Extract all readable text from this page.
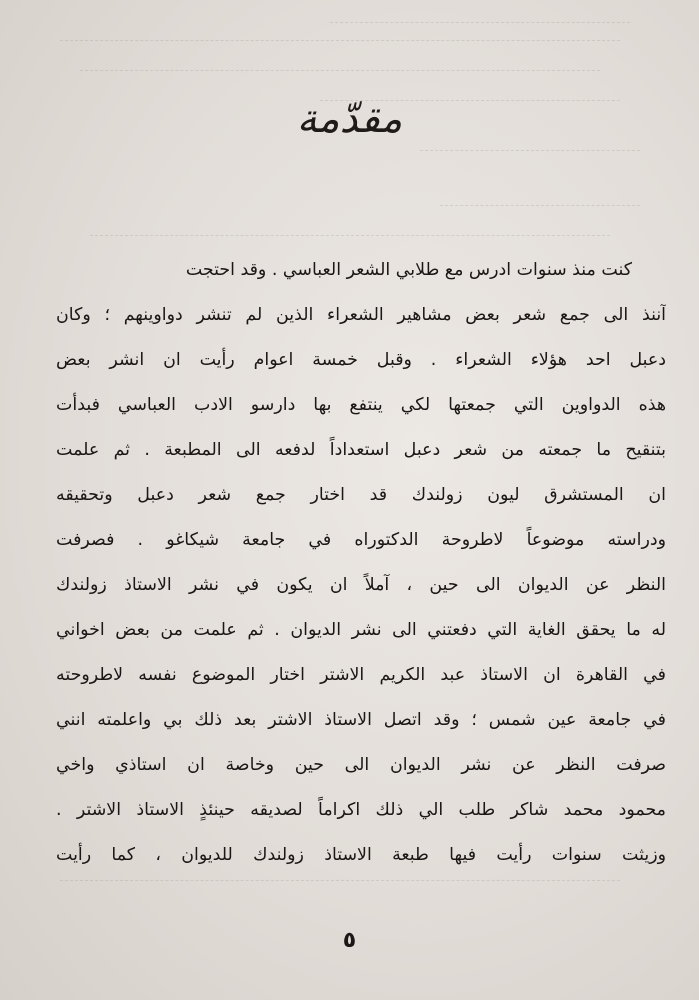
مقدّمة
كنت منذ سنوات ادرس مع طلابي الشعر العباسي . وقد احتجت
آننذ الى جمع شعر بعض مشاهير الشعراء الذين لم تنشر دواوينهم ؛ وكان
دعبل احد هؤلاء الشعراء . وقبل خمسة اعوام رأيت ان انشر بعض
هذه الدواوين التي جمعتها لكي ينتفع بها دارسو الادب العباسي فبدأت
بتنقيح ما جمعته من شعر دعبل استعداداً لدفعه الى المطبعة . ثم علمت
ان المستشرق ليون زولندك قد اختار جمع شعر دعبل وتحقيقه
ودراسته موضوعاً لاطروحة الدكتوراه في جامعة شيكاغو . فصرفت
النظر عن الديوان الى حين ، آملاً ان يكون في نشر الاستاذ زولندك
له ما يحقق الغاية التي دفعتني الى نشر الديوان . ثم علمت من بعض اخواني
في القاهرة ان الاستاذ عبد الكريم الاشتر اختار الموضوع نفسه لاطروحته
في جامعة عين شمس ؛ وقد اتصل الاستاذ الاشتر بعد ذلك بي واعلمته انني
صرفت النظر عن نشر الديوان الى حين وخاصة ان استاذي واخي
محمود محمد شاكر طلب الي ذلك اكراماً لصديقه حينئذٍ الاستاذ الاشتر .
وزيثت سنوات رأيت فيها طبعة الاستاذ زولندك للديوان ، كما رأيت
٥
